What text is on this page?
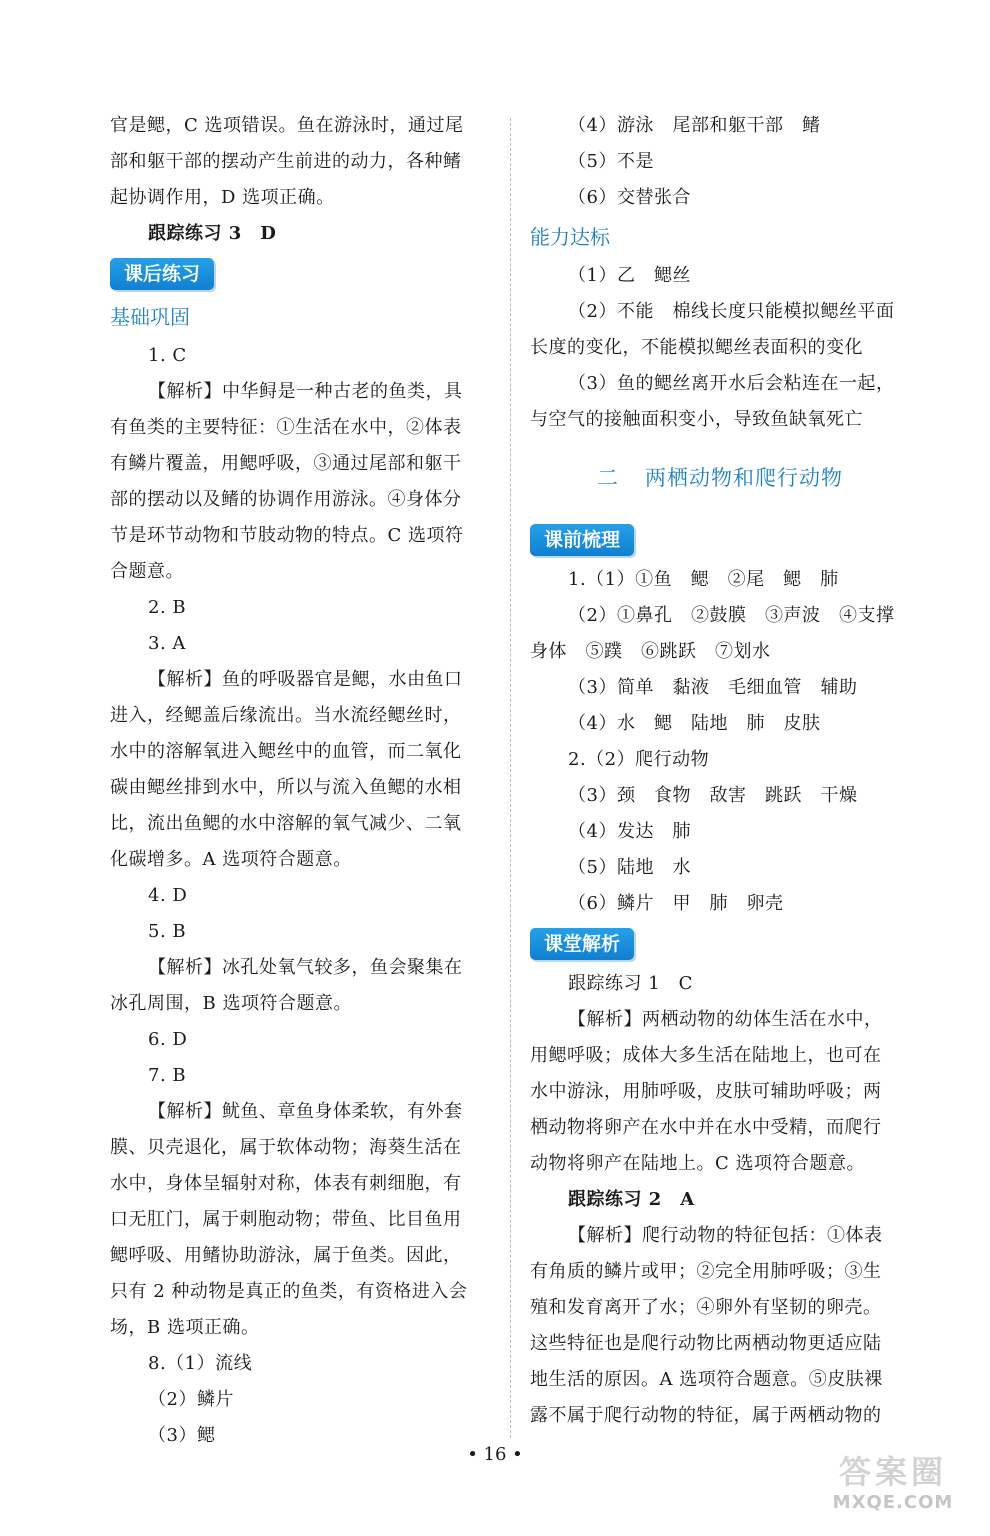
官是鳃，C 选项错误。鱼在游泳时，通过尾
部和躯干部的摆动产生前进的动力，各种鳍
起协调作用，D 选项正确。
跟踪练习 3　D
课后练习
基础巩固
1. C
【解析】中华鲟是一种古老的鱼类，具
有鱼类的主要特征：①生活在水中，②体表
有鳞片覆盖，用鳃呼吸，③通过尾部和躯干
部的摆动以及鳍的协调作用游泳。④身体分
节是环节动物和节肢动物的特点。C 选项符
合题意。
2. B
3. A
【解析】鱼的呼吸器官是鳃，水由鱼口
进入，经鳃盖后缘流出。当水流经鳃丝时，
水中的溶解氧进入鳃丝中的血管，而二氧化
碳由鳃丝排到水中，所以与流入鱼鳃的水相
比，流出鱼鳃的水中溶解的氧气减少、二氧
化碳增多。A 选项符合题意。
4. D
5. B
【解析】冰孔处氧气较多，鱼会聚集在
冰孔周围，B 选项符合题意。
6. D
7. B
【解析】鱿鱼、章鱼身体柔软，有外套
膜、贝壳退化，属于软体动物；海葵生活在
水中，身体呈辐射对称，体表有刺细胞，有
口无肛门，属于刺胞动物；带鱼、比目鱼用
鳃呼吸、用鳍协助游泳，属于鱼类。因此，
只有 2 种动物是真正的鱼类，有资格进入会
场，B 选项正确。
8.（1）流线
（2）鳞片
（3）鳃
（4）游泳　尾部和躯干部　鳍
（5）不是
（6）交替张合
能力达标
（1）乙　鳃丝
（2）不能　棉线长度只能模拟鳃丝平面
长度的变化，不能模拟鳃丝表面积的变化
（3）鱼的鳃丝离开水后会粘连在一起，
与空气的接触面积变小，导致鱼缺氧死亡
二 两栖动物和爬行动物
课前梳理
1.（1）①鱼　鳃　②尾　鳃　肺
（2）①鼻孔　②鼓膜　③声波　④支撑
身体　⑤蹼　⑥跳跃　⑦划水
（3）简单　黏液　毛细血管　辅助
（4）水　鳃　陆地　肺　皮肤
2.（2）爬行动物
（3）颈　食物　敌害　跳跃　干燥
（4）发达　肺
（5）陆地　水
（6）鳞片　甲　肺　卵壳
课堂解析
跟踪练习 1　C
【解析】两栖动物的幼体生活在水中，
用鳃呼吸；成体大多生活在陆地上，也可在
水中游泳，用肺呼吸，皮肤可辅助呼吸；两
栖动物将卵产在水中并在水中受精，而爬行
动物将卵产在陆地上。C 选项符合题意。
跟踪练习 2　A
【解析】爬行动物的特征包括：①体表
有角质的鳞片或甲；②完全用肺呼吸；③生
殖和发育离开了水；④卵外有坚韧的卵壳。
这些特征也是爬行动物比两栖动物更适应陆
地生活的原因。A 选项符合题意。⑤皮肤裸
露不属于爬行动物的特征，属于两栖动物的
• 16 •	答案圈
MXQE.COM
